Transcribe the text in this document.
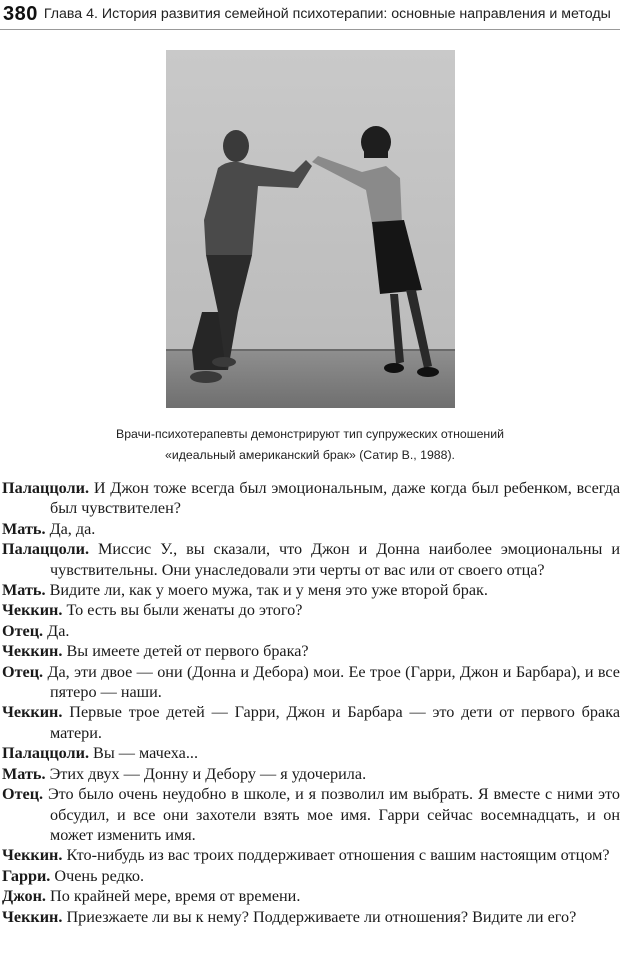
380 Глава 4. История развития семейной психотерапии: основные направления и методы
Врачи-психотерапевты демонстрируют тип супружеских отношений
«идеальный американский брак» (Сатир В., 1988).

Палаццоли. И Джон тоже всегда был эмоциональным, даже когда был ребенком, всегда был чувствителен?

Мать. Да, да.

Палаццоли. Миссис У., вы сказали, что Джон и Донна наиболее эмоциональны и чувствительны. Они унаследовали эти черты от вас или от своего отца?

Мать. Видите ли, как у моего мужа, так и у меня это уже второй брак.

Чеккин. То есть вы были женаты до этого?

Отец. Да.

Чеккин. Вы имеете детей от первого брака?

Отец. Да, эти двое — они (Донна и Дебора) мои. Ее трое (Гарри, Джон и Барбара), и все пятеро — наши.

Чеккин. Первые трое детей — Гарри, Джон и Барбара — это дети от первого брака матери.

Палаццоли. Вы — мачеха...

Мать. Этих двух — Донну и Дебору — я удочерила.

Отец. Это было очень неудобно в школе, и я позволил им выбрать. Я вместе с ними это обсудил, и все они захотели взять мое имя. Гарри сейчас восемнадцать, и он может изменить имя.

Чеккин. Кто-нибудь из вас троих поддерживает отношения с вашим настоящим отцом?

Гарри. Очень редко.

Джон. По крайней мере, время от времени.

Чеккин. Приезжаете ли вы к нему? Поддерживаете ли отношения? Видите ли его?
